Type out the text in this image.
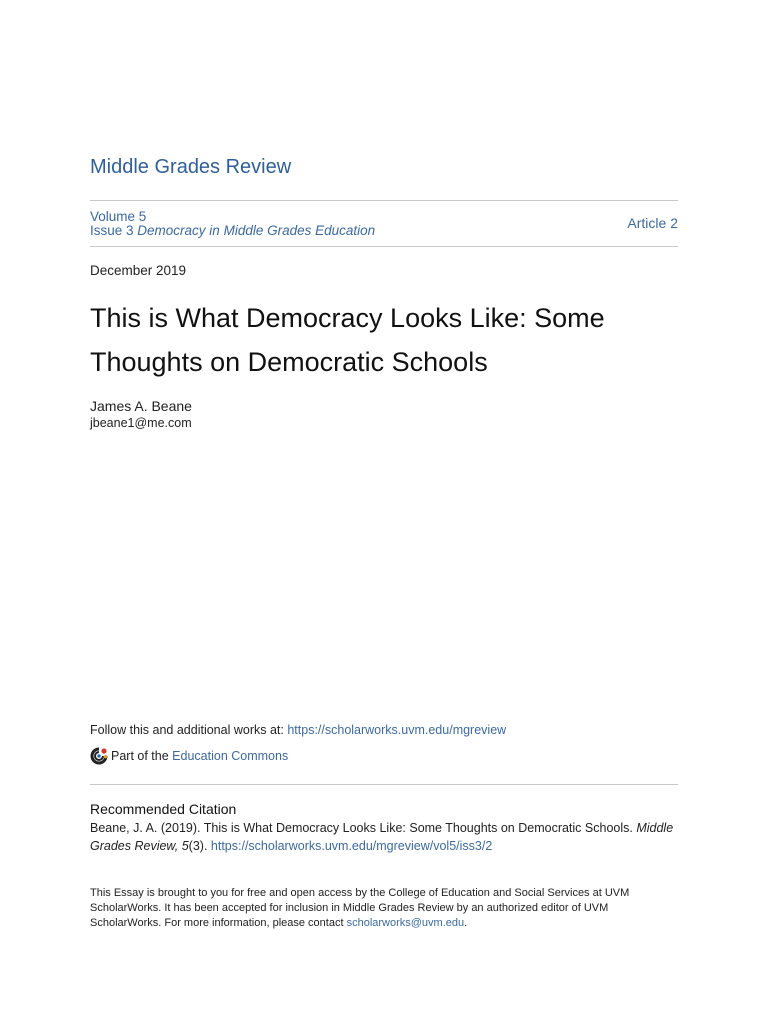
Middle Grades Review
Volume 5
Issue 3 Democracy in Middle Grades Education	Article 2
December 2019
This is What Democracy Looks Like: Some Thoughts on Democratic Schools
James A. Beane
jbeane1@me.com
Follow this and additional works at: https://scholarworks.uvm.edu/mgreview
Part of the
Education Commons
Recommended Citation
Beane, J. A. (2019). This is What Democracy Looks Like: Some Thoughts on Democratic Schools. Middle Grades Review, 5(3). https://scholarworks.uvm.edu/mgreview/vol5/iss3/2
This Essay is brought to you for free and open access by the College of Education and Social Services at UVM ScholarWorks. It has been accepted for inclusion in Middle Grades Review by an authorized editor of UVM ScholarWorks. For more information, please contact scholarworks@uvm.edu.
